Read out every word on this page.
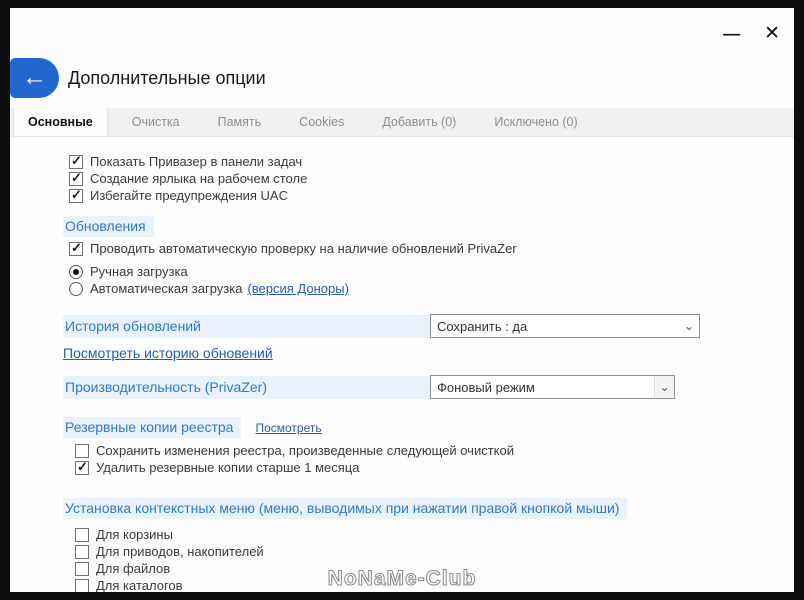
— ✕
← Дополнительные опции
Основные	Очистка	Память	Cookies	Добавить (0)	Исключено (0)
Показать Привазер в панели задач
Создание ярлыка на рабочем столе
Избегайте предупреждения UAC
Обновления
Проводить автоматическую проверку на наличие обновлений PrivaZer
Ручная загрузка
Автоматическая загрузка (версия Доноры)
История обновлений	Сохранить : да	⌄
Посмотреть историю обновений
Производительность (PrivaZer)	Фоновый режим	⌄
Резервные копии реестра	Посмотреть
Сохранить изменения реестра, произведенные следующей очисткой
Удалить резервные копии старше 1 месяца
Установка контекстных меню (меню, выводимых при нажатии правой кнопкой мыши)
Для корзины
Для приводов, накопителей
Для файлов
Для каталогов	NoNaMe-Club
